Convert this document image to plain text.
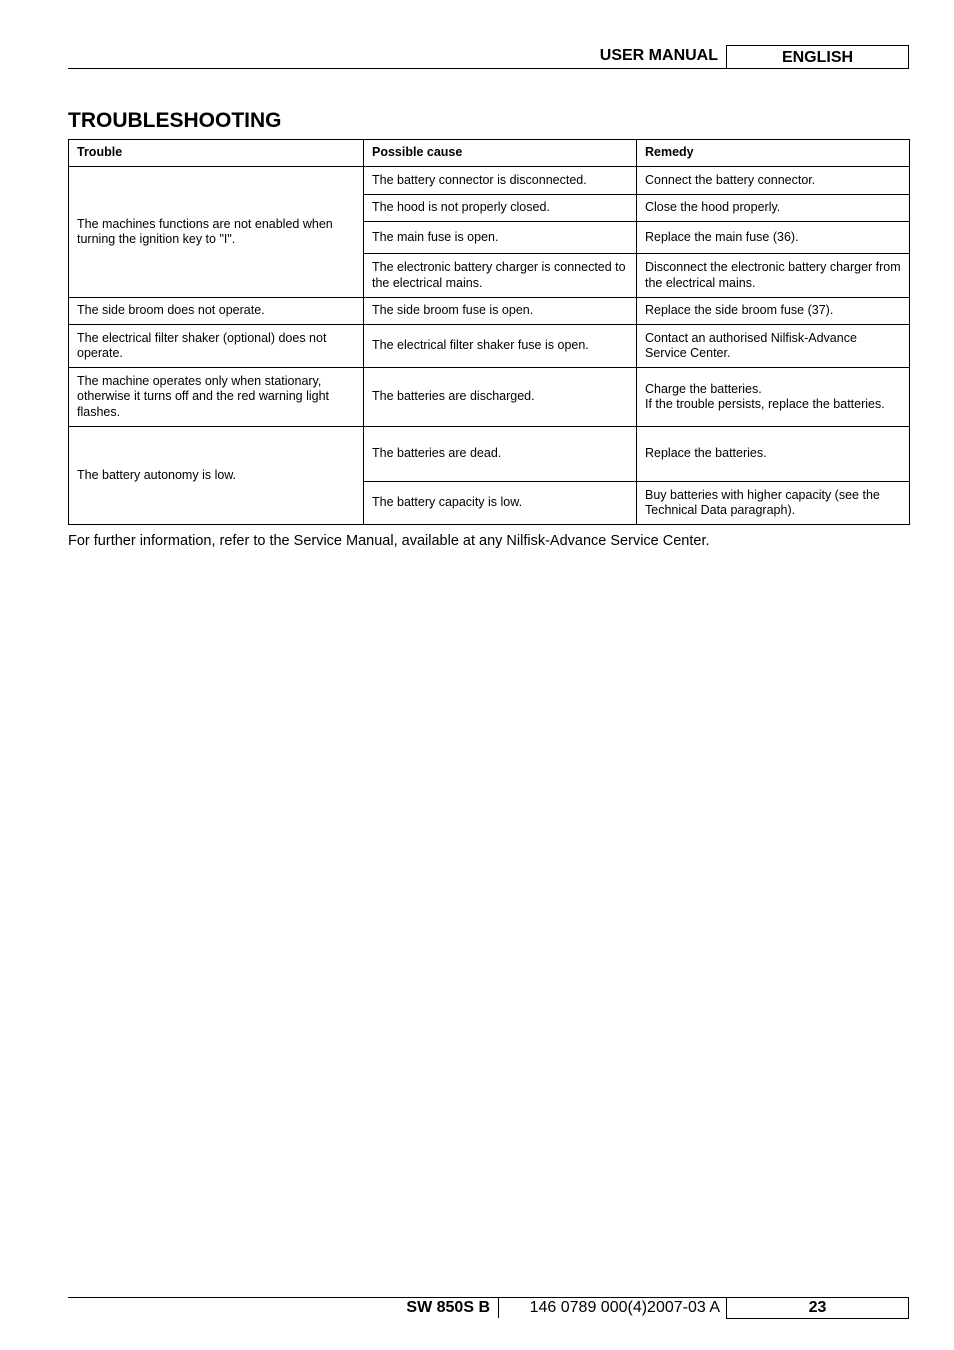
USER MANUAL	ENGLISH
TROUBLESHOOTING
Trouble	Possible cause	Remedy
The machines functions are not enabled when turning the ignition key to "I".	The battery connector is disconnected.	Connect the battery connector.
	The hood is not properly closed.	Close the hood properly.
	The main fuse is open.	Replace the main fuse (36).
	The electronic battery charger is connected to the electrical mains.	Disconnect the electronic battery charger from the electrical mains.
The side broom does not operate.	The side broom fuse is open.	Replace the side broom fuse (37).
The electrical filter shaker (optional) does not operate.	The electrical filter shaker fuse is open.	Contact an authorised Nilfisk-Advance Service Center.
The machine operates only when stationary, otherwise it turns off and the red warning light flashes.	The batteries are discharged.	Charge the batteries.
If the trouble persists, replace the batteries.
The battery autonomy is low.	The batteries are dead.	Replace the batteries.
	The battery capacity is low.	Buy batteries with higher capacity (see the Technical Data paragraph).
For further information, refer to the Service Manual, available at any Nilfisk-Advance Service Center.
SW 850S B	146 0789 000(4)2007-03 A	23
